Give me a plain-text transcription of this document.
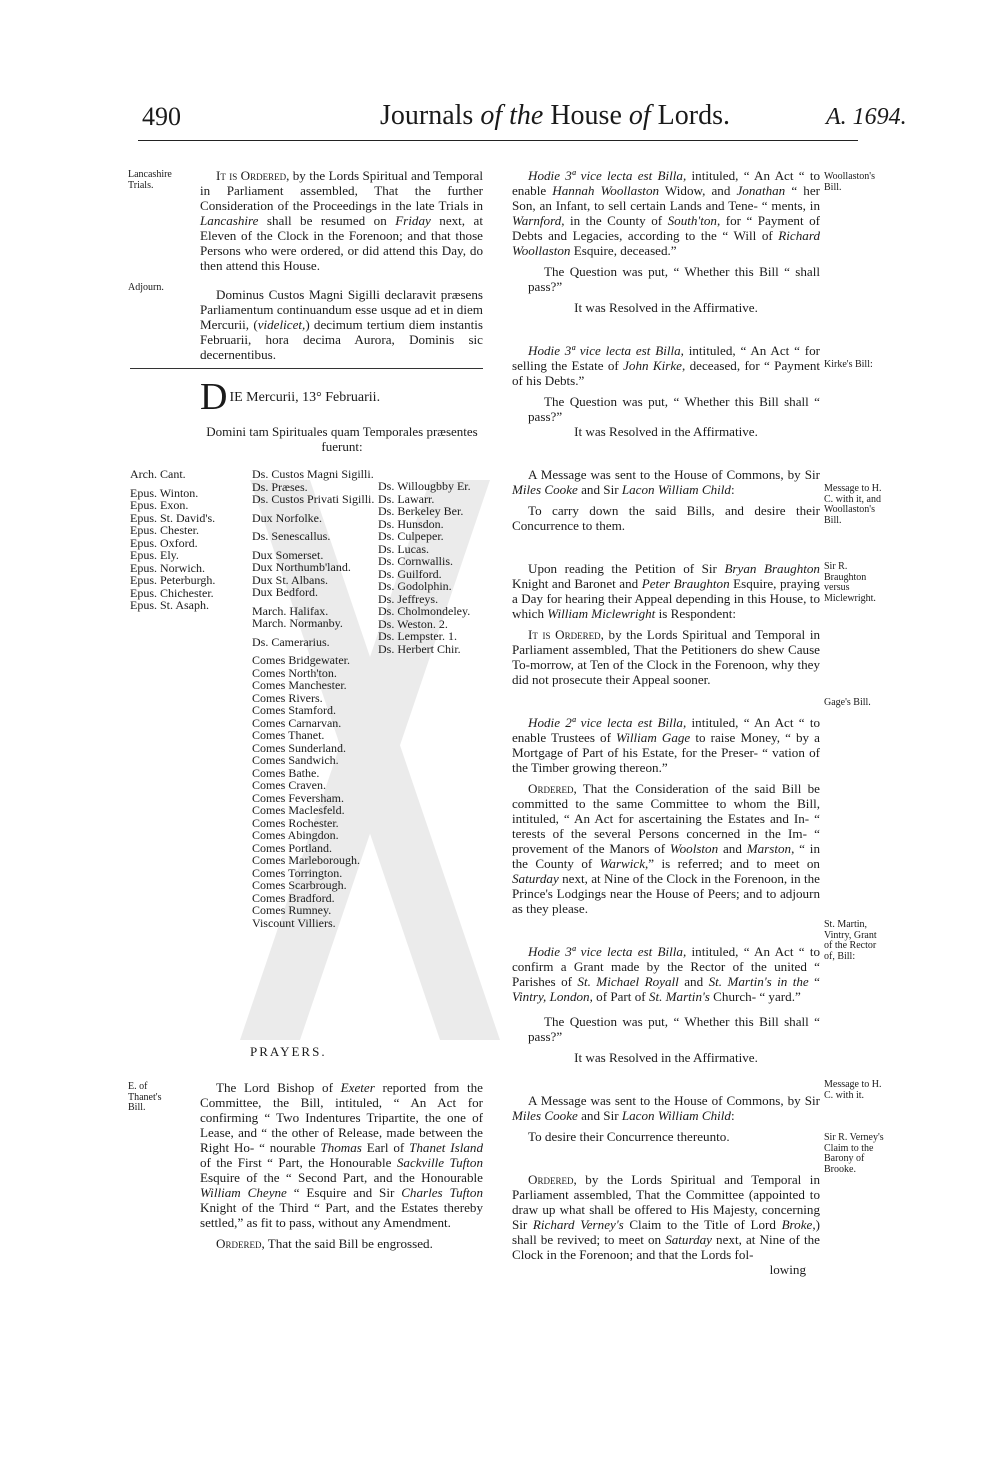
490	Journals of the House of Lords.	A. 1694.
Lancashire Trials.
Adjourn.
E. of Thanet's Bill.
Woollaston's Bill.
Kirke's Bill:
Message to H. C. with it, and Woollaston's Bill.
Sir R. Braughton versus Miclewright.
Gage's Bill.
St. Martin, Vintry, Grant of the Rector of, Bill:
Message to H. C. with it.
Sir R. Verney's Claim to the Barony of Brooke.

It is Ordered, by the Lords Spiritual and Temporal in Parliament assembled, That the further Consideration of the Proceedings in the late Trials in Lancashire shall be resumed on Friday next, at Eleven of the Clock in the Forenoon; and that those Persons who were ordered, or did attend this Day, do then attend this House.

Dominus Custos Magni Sigilli declaravit præsens Parliamentum continuandum esse usque ad et in diem Mercurii, (videlicet,) decimum tertium diem instantis Februarii, hora decima Aurora, Dominis sic decernentibus.

D IE Mercurii, 13° Februarii.
Domini tam Spirituales quam Temporales præsentes fuerunt:
Arch. Cant.
Epus. Winton.
Epus. Exon.
Epus. St. David's.
Epus. Chester.
Epus. Oxford.
Epus. Ely.
Epus. Norwich.
Epus. Peterburgh.
Epus. Chichester.
Epus. St. Asaph.
Ds. Custos Magni Sigilli.
Ds. Præses.
Ds. Custos Privati Sigilli.
Dux Norfolke.
Ds. Senescallus.
Dux Somerset.
Dux Northumb'land.
Dux St. Albans.
Dux Bedford.
March. Halifax.
March. Normanby.
Ds. Camerarius.
Comes Bridgewater.
Comes North'ton.
Comes Manchester.
Comes Rivers.
Comes Stamford.
Comes Carnarvan.
Comes Thanet.
Comes Sunderland.
Comes Sandwich.
Comes Bathe.
Comes Craven.
Comes Feversham.
Comes Maclesfeld.
Comes Rochester.
Comes Abingdon.
Comes Portland.
Comes Marleborough.
Comes Torrington.
Comes Scarbrough.
Comes Bradford.
Comes Rumney.
Viscount Villiers.
Ds. Willougbby Er.
Ds. Lawarr.
Ds. Berkeley Ber.
Ds. Hunsdon.
Ds. Culpeper.
Ds. Lucas.
Ds. Cornwallis.
Ds. Guilford.
Ds. Godolphin.
Ds. Jeffreys.
Ds. Cholmondeley.
Ds. Weston. 2.
Ds. Lempster. 1.
Ds. Herbert Chir.
PRAYERS.

The Lord Bishop of Exeter reported from the Committee, the Bill, intituled, “ An Act for confirming “ Two Indentures Tripartite, the one of Lease, and “ the other of Release, made between the Right Ho- “ nourable Thomas Earl of Thanet Island of the First “ Part, the Honourable Sackville Tufton Esquire of the “ Second Part, and the Honourable William Cheyne “ Esquire and Sir Charles Tufton Knight of the Third “ Part, and the Estates thereby settled,” as fit to pass, without any Amendment.

Ordered, That the said Bill be engrossed.

Hodie 3ª vice lecta est Billa, intituled, “ An Act “ to enable Hannah Woollaston Widow, and Jonathan “ her Son, an Infant, to sell certain Lands and Tene- “ ments, in Warnford, in the County of South'ton, for “ Payment of Debts and Legacies, according to the “ Will of Richard Woollaston Esquire, deceased.”

The Question was put, “ Whether this Bill “ shall pass?”

It was Resolved in the Affirmative.

Hodie 3ª vice lecta est Billa, intituled, “ An Act “ for selling the Estate of John Kirke, deceased, for “ Payment of his Debts.”

The Question was put, “ Whether this Bill shall “ pass?”

It was Resolved in the Affirmative.

A Message was sent to the House of Commons, by Sir Miles Cooke and Sir Lacon William Child:

To carry down the said Bills, and desire their Concurrence to them.

Upon reading the Petition of Sir Bryan Braughton Knight and Baronet and Peter Braughton Esquire, praying a Day for hearing their Appeal depending in this House, to which William Miclewright is Respondent:

It is Ordered, by the Lords Spiritual and Temporal in Parliament assembled, That the Petitioners do shew Cause To-morrow, at Ten of the Clock in the Forenoon, why they did not prosecute their Appeal sooner.

Hodie 2ª vice lecta est Billa, intituled, “ An Act “ to enable Trustees of William Gage to raise Money, “ by a Mortgage of Part of his Estate, for the Preser- “ vation of the Timber growing thereon.”

Ordered, That the Consideration of the said Bill be committed to the same Committee to whom the Bill, intituled, “ An Act for ascertaining the Estates and In- “ terests of the several Persons concerned in the Im- “ provement of the Manors of Woolston and Marston, “ in the County of Warwick,” is referred; and to meet on Saturday next, at Nine of the Clock in the Forenoon, in the Prince's Lodgings near the House of Peers; and to adjourn as they please.

Hodie 3ª vice lecta est Billa, intituled, “ An Act “ to confirm a Grant made by the Rector of the united “ Parishes of St. Michael Royall and St. Martin's in the “ Vintry, London, of Part of St. Martin's Church- “ yard.”

The Question was put, “ Whether this Bill shall “ pass?”

It was Resolved in the Affirmative.

A Message was sent to the House of Commons, by Sir Miles Cooke and Sir Lacon William Child:

To desire their Concurrence thereunto.

Ordered, by the Lords Spiritual and Temporal in Parliament assembled, That the Committee (appointed to draw up what shall be offered to His Majesty, concerning Sir Richard Verney's Claim to the Title of Lord Broke,) shall be revived; to meet on Saturday next, at Nine of the Clock in the Forenoon; and that the Lords fol-

lowing
